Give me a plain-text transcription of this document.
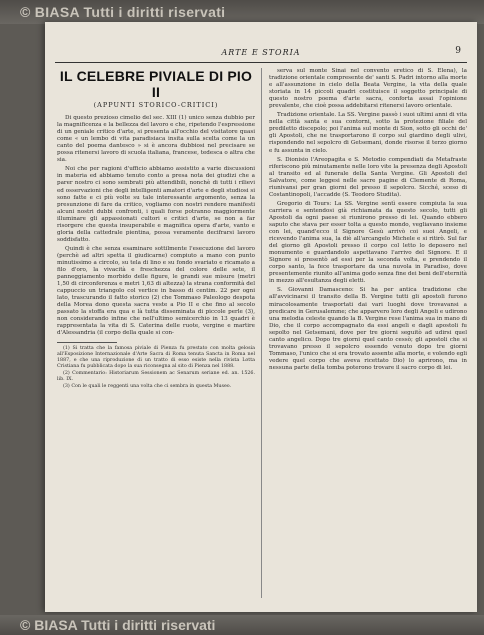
© BIASA Tutti i diritti riservati
ARTE E STORIA	9
IL CELEBRE PIVIALE DI PIO II
(APPUNTI STORICO-CRITICI)

Di questo prezioso cimelio del sec. XIII (1) unico senza dubbio per la magnificenza e la bellezza del lavoro e che, ripetendo l'espressione di un geniale critico d'arte, si presenta all'occhio del visitatore quasi come « un lembo di vita paradisiaca insita sulla scelta come la un canto del poema dantesco » si è ancora dubbiosi nel precisare se possa ritenersi lavoro di scuola italiana, francese, tedesca o altra che sia.

Noi che per ragioni d'ufficio abbiamo assistito a varie discussioni in materia ed abbiamo tenuto conto a presa nota dei giudizi che a parer nostro ci sono sembrati più attendibili, nonchè di tutti i rilievi ed osservazioni che degli intelligenti amatori d'arte e degli studiosi si sono fatte e ci più volte su tale interessante argomento, senza la presunzione di fare da critico, vogliamo con nostri rendere manifesti alcuni nostri dubbi confronti, i quali forse potranno maggiormente illuminare gli appassionati cultori e critici d'arte, se non a far risorgere che questa insuperabile e magnifica opera d'arte, vanto e gloria della cattedrale pientina, possa veramente decifrarsi lavoro soddisfatto.

Quindi è che senza esaminare sottilmente l'esecuzione del lavoro (perchè ad altri spetta il giudicarne) compiuto a mano con punto minutissimo a circolo, su tela di lino e su fondo svariato e ricamato a filo d'oro, la vivacità e freschezza del colore delle sete, il panneggiamento morbido delle figure, le grandi sue misure (metri 1,50 di circonferenza e metri 1,63 di altezza) la strana conformità del cappuccio un triangolo col vertice in basso di centim. 22 per ogni lato, trascurando il fatto storico (2) che Tommaso Paleologo despota della Morea dono questa sacra veste a Pio II e che fino al secolo passato la stoffa era qua e là tutta disseminata di piccole perle (3), non considerando infine che nell'ultimo semicerchio in 13 quadri è rappresentata la vita di S. Caterina delle ruote, vergine e martire d'Alessandria (il corpo della quale si con-

(1) Si tratta che la famosa piviale di Pienza fu prestato con molta gelosia all'Esposizione Internazionale d'Arte Sacra di Roma tenuta Sancta in Roma nel 1887, e che una riproduzione di un tratto di esso esiste nella rivista Lotta Cristiana fu pubblicata dopo la sua riconsegna al sito di Pienza nel 1888.

(2) Commentario: Historiarum Sessionem ac Senarum seriane ed. an. 1526. lib. IX.

(3) Con le quali le reggenti una volta che ci sembra in questa Museo.

serva sul monte Sinai nel convento eretico di S. Elena), la tradizione orientale compresente de' santi S. Padri intorno alla morte e all'assunzione in cielo della Beata Vergine, la vita della quale storiata in 14 piccoli quadri costituisce il soggetto principale di questo nostro poema d'arte sacra, conforta assai l'opinione prevalente, che cioè possa addebitarsi ritenersi lavoro orientale.

Tradizione orientale. La SS. Vergine passò i suoi ultimi anni di vita nella città santa e sua contorni, sotto la protezione filiale del prediletto discepolo; poi l'anima sul monte di Sion, sotto gli occhi de' gli Apostoli, che ne trasportarono il corpo sul giardino degli ulivi, rispondendo nel sepolcro di Getsemani, donde risorse il terzo giorno e fu assunta in cielo.

S. Dionisio l'Areopagita e S. Metodio compendiati da Metafraste riferiscono più minutamente nelle loro vite la presenza degli Apostoli al transito ed al funerale della Santa Vergine. Gli Apostoli del Salvatore, come leggesi nelle sacre pagine di Clemente di Roma, riunivansi per gran giorni del presso il sepolcro. Sicché, sceso di Costantinopoli, l'accadde (S. Teodoro Studita).

Gregorio di Tours: La SS. Vergine sentì essere compiuta la sua carriera e sentendosi già richiamata da questo secolo, tutti gli Apostoli da ogni paese si riunirono presso di lei. Quando ebbero saputo che stava per esser tolta a questo mondo, vegliavano insieme con lei, quand'ecco il Signore Gesù arrivò coi suoi Angeli, e ricevendo l'anima sua, la diè all'arcangelo Michele e si ritirò. Sul far del giorno gli Apostoli presso il corpo col letto lo deposero nel monumento e guardandolo aspettavano l'arrivo del Signore. E il Signore si presentò ad essi per la seconda volta, e prendendo il corpo santo, la fece trasportare da una nuvola in Paradiso, dove presentemente riunito all'anima godo senza fine dei beni dell'eternità in mezzo all'esultanza degli eletti.

S. Giovanni Damasceno: Si ha per antica tradizione che all'avvicinarsi il transito della B. Vergine tutti gli apostoli furono miracolosamente trasportati dai vari luoghi dove trovavansi a predicare in Gerusalemme; che apparvero loro degli Angeli e udirono una melodia celeste quando la B. Vergine rese l'anima sua in mano di Dio, che il corpo accompagnato da essi angeli e dagli apostoli fu sepolto nel Getsemani, dove per tre giorni seguitò ad udirsi quel canto angelico. Dopo tre giorni quel canto cessò; gli apostoli che si trovavano presso il sepolcro essendo venuto dopo tre giorni Tommaso, l'unico che si era trovato assente alla morte, e volendo egli vedere quel corpo che aveva ricettato Dio) lo aprirono, ma in nessuna parte della tomba poterono trovare il sacro corpo di lei.

© BIASA Tutti i diritti riservati
